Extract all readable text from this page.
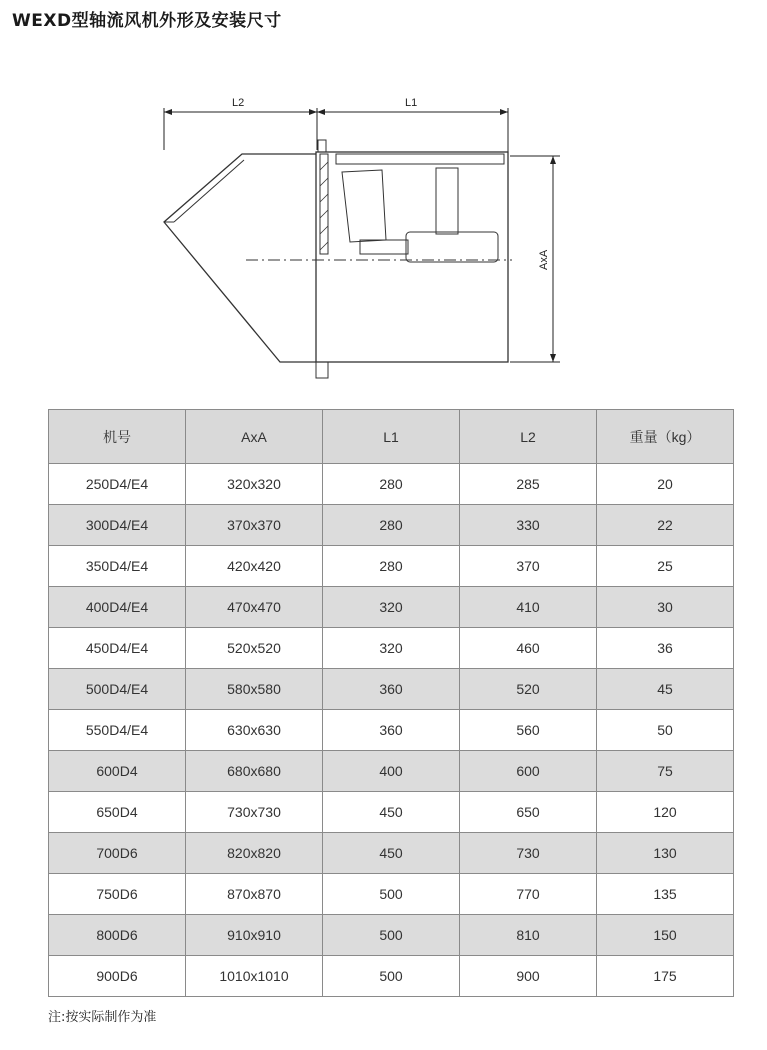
WEXD型轴流风机外形及安装尺寸
L2	L1
AxA
机号	AxA	L1	L2	重量（kg）
250D4/E4	320x320	280	285	20
300D4/E4	370x370	280	330	22
350D4/E4	420x420	280	370	25
400D4/E4	470x470	320	410	30
450D4/E4	520x520	320	460	36
500D4/E4	580x580	360	520	45
550D4/E4	630x630	360	560	50
600D4	680x680	400	600	75
650D4	730x730	450	650	120
700D6	820x820	450	730	130
750D6	870x870	500	770	135
800D6	910x910	500	810	150
900D6	1010x1010	500	900	175
注:按实际制作为准
